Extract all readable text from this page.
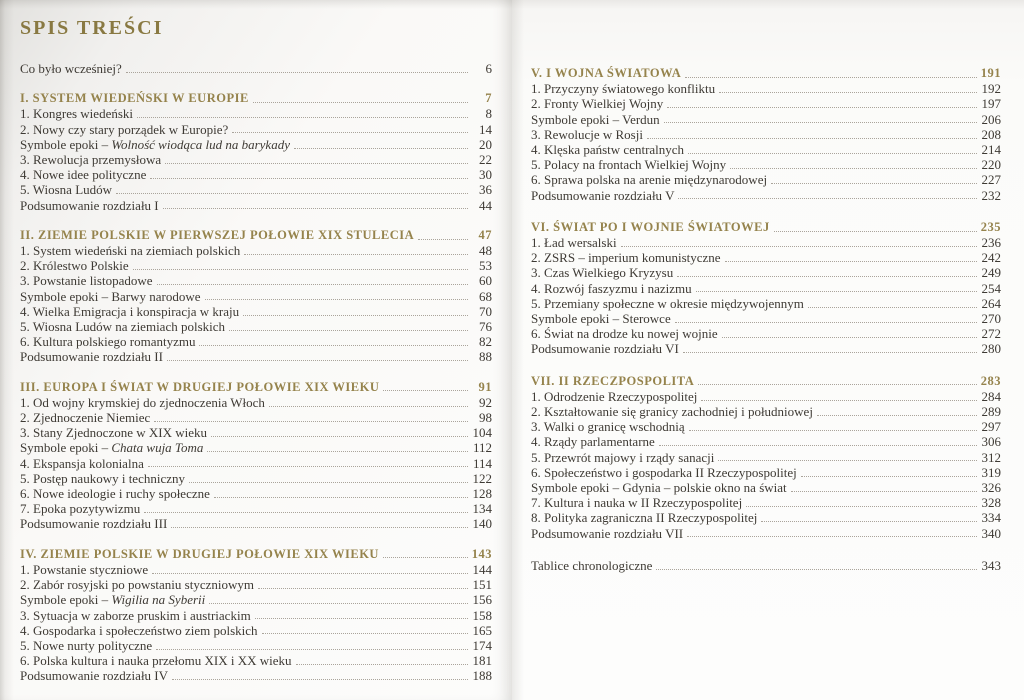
SPIS TREŚCI
Co było wcześniej?	6
I. SYSTEM WIEDEŃSKI W EUROPIE	7
1. Kongres wiedeński	8
2. Nowy czy stary porządek w Europie?	14
Symbole epoki – Wolność wiodąca lud na barykady	20
3. Rewolucja przemysłowa	22
4. Nowe idee polityczne	30
5. Wiosna Ludów	36
Podsumowanie rozdziału I	44
II. ZIEMIE POLSKIE W PIERWSZEJ POŁOWIE XIX STULECIA	47
1. System wiedeński na ziemiach polskich	48
2. Królestwo Polskie	53
3. Powstanie listopadowe	60
Symbole epoki – Barwy narodowe	68
4. Wielka Emigracja i konspiracja w kraju	70
5. Wiosna Ludów na ziemiach polskich	76
6. Kultura polskiego romantyzmu	82
Podsumowanie rozdziału II	88
III. EUROPA I ŚWIAT W DRUGIEJ POŁOWIE XIX WIEKU	91
1. Od wojny krymskiej do zjednoczenia Włoch	92
2. Zjednoczenie Niemiec	98
3. Stany Zjednoczone w XIX wieku	104
Symbole epoki – Chata wuja Toma	112
4. Ekspansja kolonialna	114
5. Postęp naukowy i techniczny	122
6. Nowe ideologie i ruchy społeczne	128
7. Epoka pozytywizmu	134
Podsumowanie rozdziału III	140
IV. ZIEMIE POLSKIE W DRUGIEJ POŁOWIE XIX WIEKU	143
1. Powstanie styczniowe	144
2. Zabór rosyjski po powstaniu styczniowym	151
Symbole epoki – Wigilia na Syberii	156
3. Sytuacja w zaborze pruskim i austriackim	158
4. Gospodarka i społeczeństwo ziem polskich	165
5. Nowe nurty polityczne	174
6. Polska kultura i nauka przełomu XIX i XX wieku	181
Podsumowanie rozdziału IV	188
V. I WOJNA ŚWIATOWA	191
1. Przyczyny światowego konfliktu	192
2. Fronty Wielkiej Wojny	197
Symbole epoki – Verdun	206
3. Rewolucje w Rosji	208
4. Klęska państw centralnych	214
5. Polacy na frontach Wielkiej Wojny	220
6. Sprawa polska na arenie międzynarodowej	227
Podsumowanie rozdziału V	232
VI. ŚWIAT PO I WOJNIE ŚWIATOWEJ	235
1. Ład wersalski	236
2. ZSRS – imperium komunistyczne	242
3. Czas Wielkiego Kryzysu	249
4. Rozwój faszyzmu i nazizmu	254
5. Przemiany społeczne w okresie międzywojennym	264
Symbole epoki – Sterowce	270
6. Świat na drodze ku nowej wojnie	272
Podsumowanie rozdziału VI	280
VII. II RZECZPOSPOLITA	283
1. Odrodzenie Rzeczypospolitej	284
2. Kształtowanie się granicy zachodniej i południowej	289
3. Walki o granicę wschodnią	297
4. Rządy parlamentarne	306
5. Przewrót majowy i rządy sanacji	312
6. Społeczeństwo i gospodarka II Rzeczypospolitej	319
Symbole epoki – Gdynia – polskie okno na świat	326
7. Kultura i nauka w II Rzeczypospolitej	328
8. Polityka zagraniczna II Rzeczypospolitej	334
Podsumowanie rozdziału VII	340
Tablice chronologiczne	343
